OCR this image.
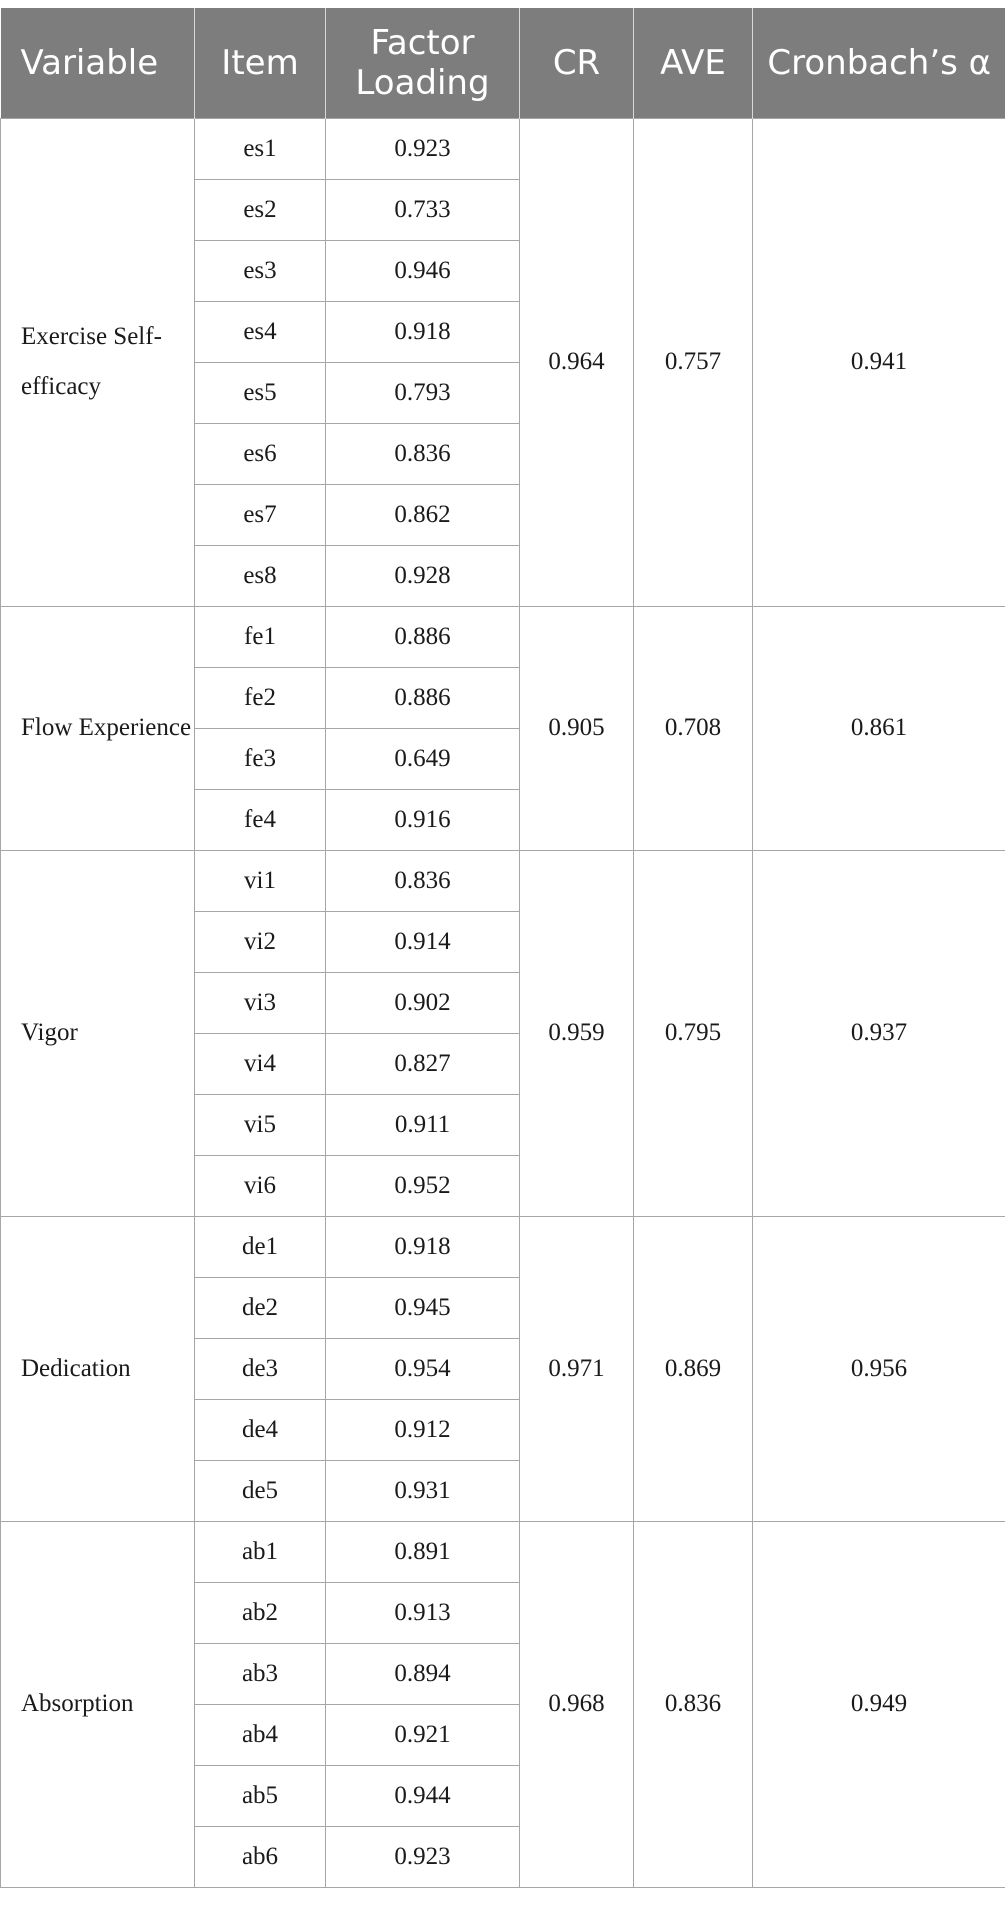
Variable	Item	Factor Loading	CR	AVE	Cronbach’s α
Exercise Self-efficacy	es1	0.923	0.964	0.757	0.941
	es2	0.733			
	es3	0.946			
	es4	0.918			
	es5	0.793			
	es6	0.836			
	es7	0.862			
	es8	0.928			
Flow Experience	fe1	0.886	0.905	0.708	0.861
	fe2	0.886			
	fe3	0.649			
	fe4	0.916			
Vigor	vi1	0.836	0.959	0.795	0.937
	vi2	0.914			
	vi3	0.902			
	vi4	0.827			
	vi5	0.911			
	vi6	0.952			
Dedication	de1	0.918	0.971	0.869	0.956
	de2	0.945			
	de3	0.954			
	de4	0.912			
	de5	0.931			
Absorption	ab1	0.891	0.968	0.836	0.949
	ab2	0.913			
	ab3	0.894			
	ab4	0.921			
	ab5	0.944			
	ab6	0.923			
